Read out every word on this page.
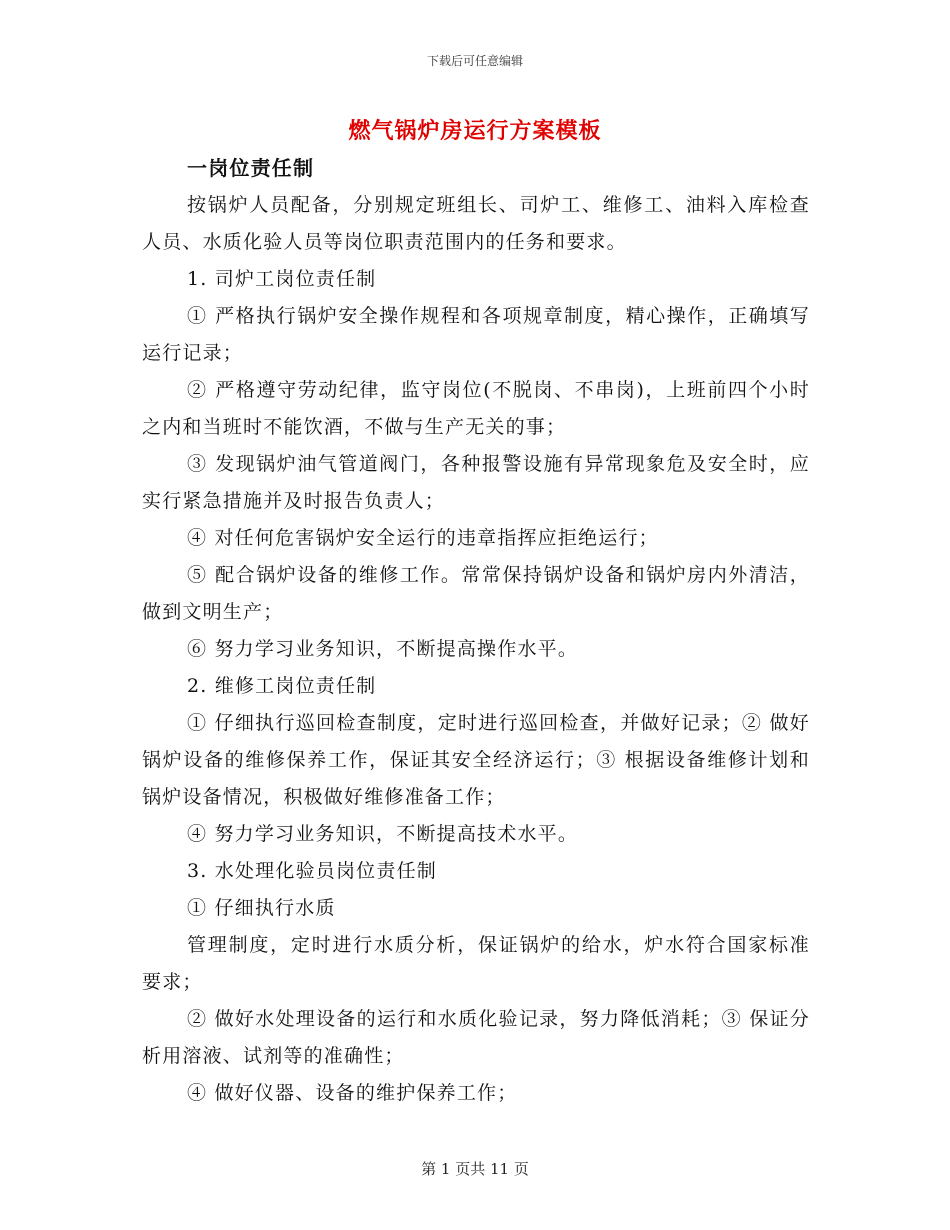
下载后可任意编辑
燃气锅炉房运行方案模板

一岗位责任制

按锅炉人员配备，分别规定班组长、司炉工、维修工、油料入库检查人员、水质化验人员等岗位职责范围内的任务和要求。

1. 司炉工岗位责任制

① 严格执行锅炉安全操作规程和各项规章制度，精心操作，正确填写运行记录；

② 严格遵守劳动纪律，监守岗位(不脱岗、不串岗)，上班前四个小时之内和当班时不能饮酒，不做与生产无关的事；

③ 发现锅炉油气管道阀门，各种报警设施有异常现象危及安全时，应实行紧急措施并及时报告负责人；

④ 对任何危害锅炉安全运行的违章指挥应拒绝运行；

⑤ 配合锅炉设备的维修工作。常常保持锅炉设备和锅炉房内外清洁，做到文明生产；

⑥ 努力学习业务知识，不断提高操作水平。

2. 维修工岗位责任制

① 仔细执行巡回检查制度，定时进行巡回检查，并做好记录；② 做好锅炉设备的维修保养工作，保证其安全经济运行；③ 根据设备维修计划和锅炉设备情况，积极做好维修准备工作；

④ 努力学习业务知识，不断提高技术水平。

3. 水处理化验员岗位责任制

① 仔细执行水质

管理制度，定时进行水质分析，保证锅炉的给水，炉水符合国家标准要求；

② 做好水处理设备的运行和水质化验记录，努力降低消耗；③ 保证分析用溶液、试剂等的准确性；

④ 做好仪器、设备的维护保养工作；

第 1 页共 11 页
